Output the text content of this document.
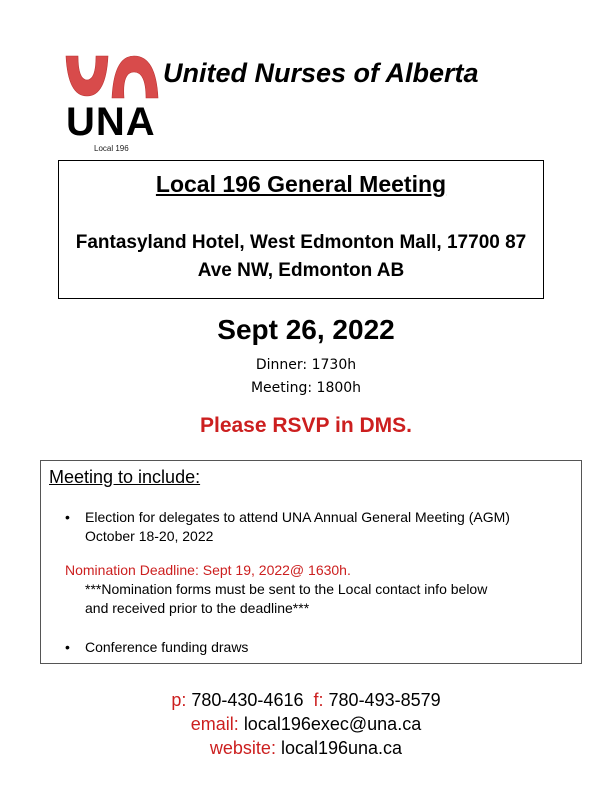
UNA
Local 196
United Nurses of Alberta
Local 196 General Meeting
Fantasyland Hotel, West Edmonton Mall, 17700 87 Ave NW, Edmonton AB
Sept 26, 2022
Dinner: 1730h
Meeting: 1800h
Please RSVP in DMS.
Meeting to include:
• Election for delegates to attend UNA Annual General Meeting (AGM)
October 18-20, 2022
Nomination Deadline: Sept 19, 2022@ 1630h.
***Nomination forms must be sent to the Local contact info below
and received prior to the deadline***
• Conference funding draws
p: 780-430-4616 f: 780-493-8579
email: local196exec@una.ca
website: local196una.ca
